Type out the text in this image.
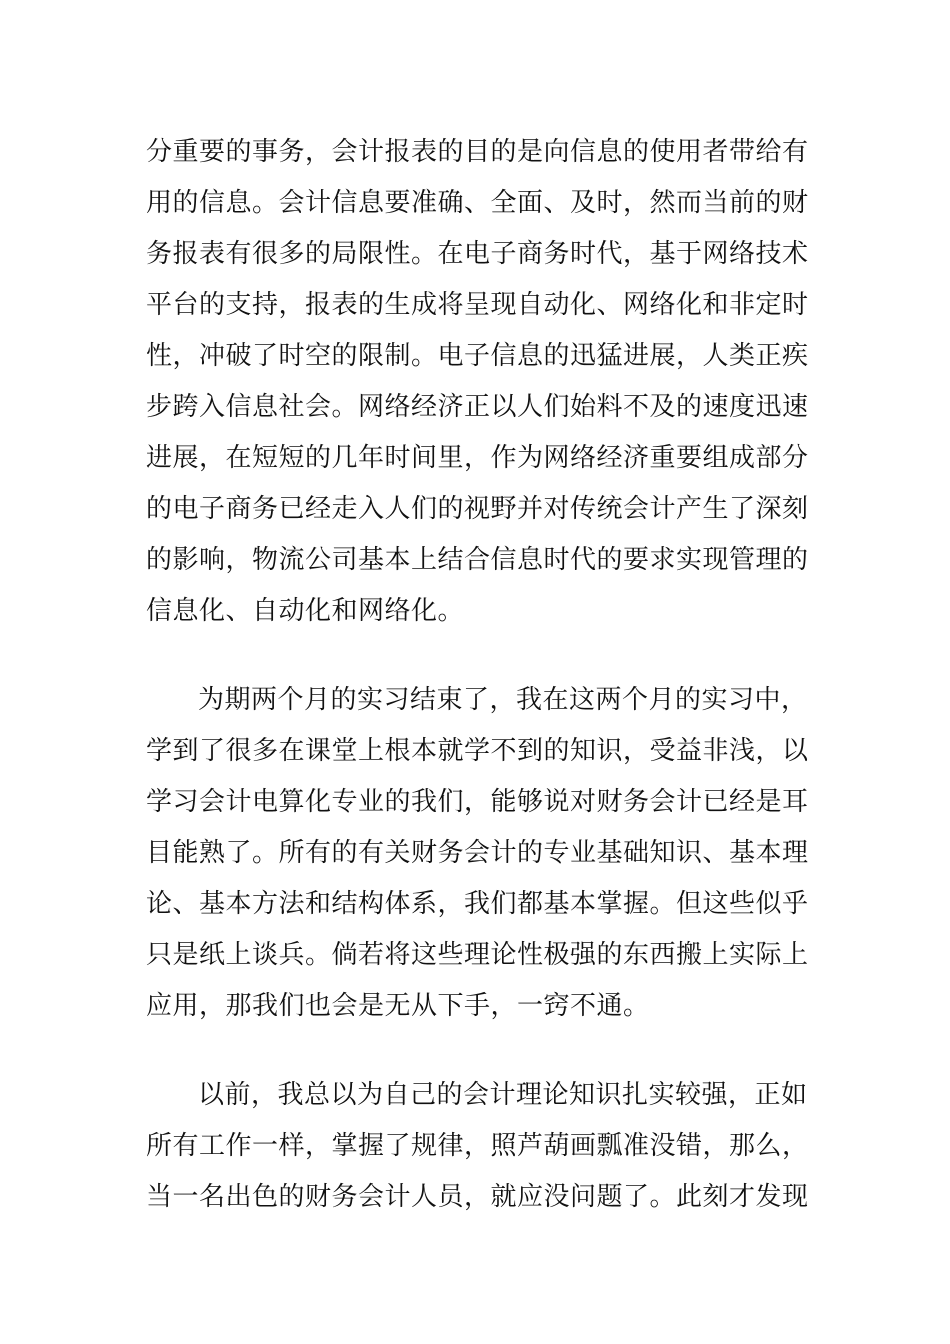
分重要的事务，会计报表的目的是向信息的使用者带给有
用的信息。会计信息要准确、全面、及时，然而当前的财
务报表有很多的局限性。在电子商务时代，基于网络技术
平台的支持，报表的生成将呈现自动化、网络化和非定时
性，冲破了时空的限制。电子信息的迅猛进展，人类正疾
步跨入信息社会。网络经济正以人们始料不及的速度迅速
进展，在短短的几年时间里，作为网络经济重要组成部分
的电子商务已经走入人们的视野并对传统会计产生了深刻
的影响，物流公司基本上结合信息时代的要求实现管理的
信息化、自动化和网络化。
为期两个月的实习结束了，我在这两个月的实习中，
学到了很多在课堂上根本就学不到的知识，受益非浅，以
学习会计电算化专业的我们，能够说对财务会计已经是耳
目能熟了。所有的有关财务会计的专业基础知识、基本理
论、基本方法和结构体系，我们都基本掌握。但这些似乎
只是纸上谈兵。倘若将这些理论性极强的东西搬上实际上
应用，那我们也会是无从下手，一窍不通。
以前，我总以为自己的会计理论知识扎实较强，正如
所有工作一样，掌握了规律，照芦葫画瓢准没错，那么，
当一名出色的财务会计人员，就应没问题了。此刻才发现
